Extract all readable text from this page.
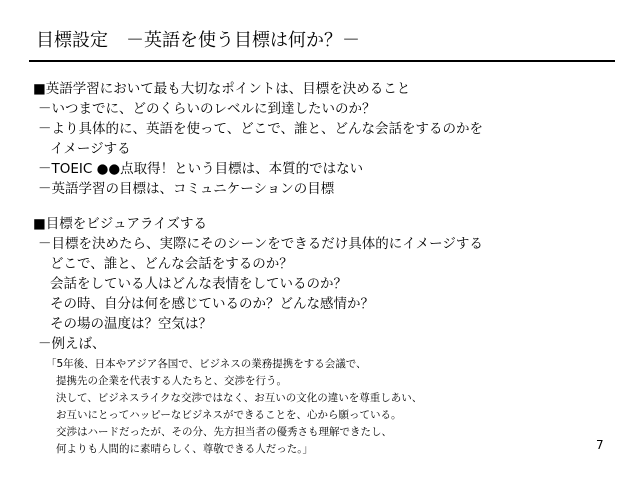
目標設定　－英語を使う目標は何か？－
■英語学習において最も大切なポイントは、目標を決めること
－いつまでに、どのくらいのレベルに到達したいのか？
－より具体的に、英語を使って、どこで、誰と、どんな会話をするのかを
イメージする
－TOEIC ●●点取得！という目標は、本質的ではない
－英語学習の目標は、コミュニケーションの目標
■目標をビジュアライズする
－目標を決めたら、実際にそのシーンをできるだけ具体的にイメージする
どこで、誰と、どんな会話をするのか？
会話をしている人はどんな表情をしているのか？
その時、自分は何を感じているのか？どんな感情か？
その場の温度は？空気は？
－例えば、
「5年後、日本やアジア各国で、ビジネスの業務提携をする会議で、
提携先の企業を代表する人たちと、交渉を行う。
決して、ビジネスライクな交渉ではなく、お互いの文化の違いを尊重しあい、
お互いにとってハッピーなビジネスができることを、心から願っている。
交渉はハードだったが、その分、先方担当者の優秀さも理解できたし、
何よりも人間的に素晴らしく、尊敬できる人だった。」	7
